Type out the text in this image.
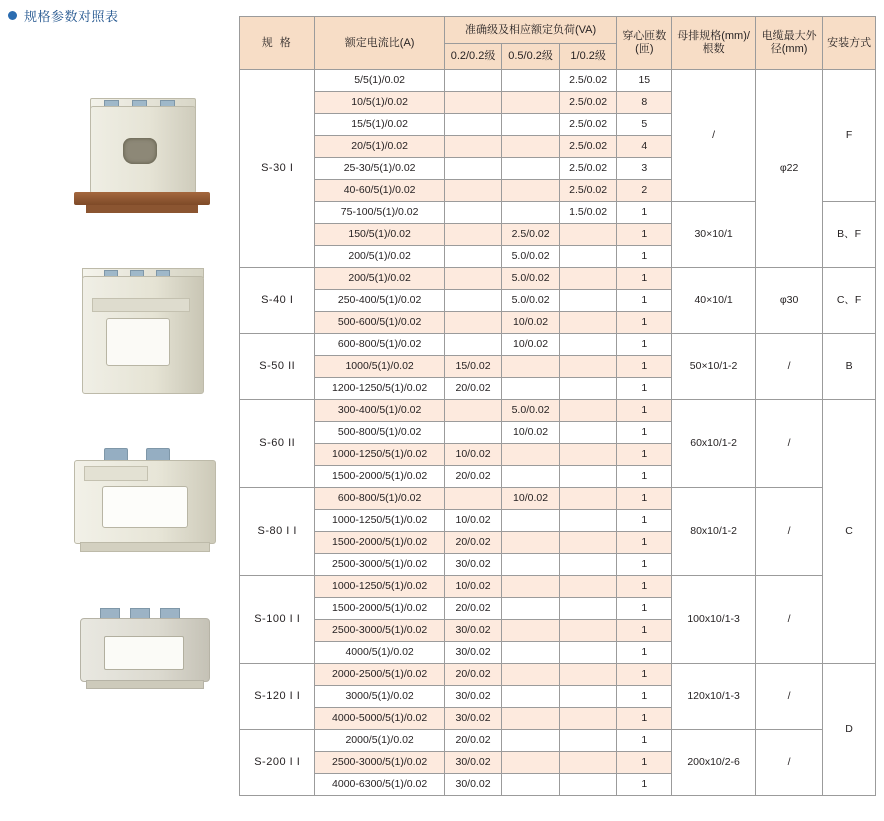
规格参数对照表
规 格	额定电流比(A)	准确级及相应额定负荷(VA)			穿心匝数(匝)	母排规格(mm)/根数	电缆最大外径(mm)	安装方式
		0.2/0.2级	0.5/0.2级	1/0.2级				
S-30 I	5/5(1)/0.02			2.5/0.02	15	/	φ22	F
	10/5(1)/0.02			2.5/0.02	8			
	15/5(1)/0.02			2.5/0.02	5			
	20/5(1)/0.02			2.5/0.02	4			
	25-30/5(1)/0.02			2.5/0.02	3			
	40-60/5(1)/0.02			2.5/0.02	2			
	75-100/5(1)/0.02			1.5/0.02	1	30×10/1		B、F
	150/5(1)/0.02		2.5/0.02		1			
	200/5(1)/0.02		5.0/0.02		1			
S-40 I	200/5(1)/0.02		5.0/0.02		1	40×10/1	φ30	C、F
	250-400/5(1)/0.02		5.0/0.02		1			
	500-600/5(1)/0.02		10/0.02		1			
S-50 II	600-800/5(1)/0.02		10/0.02		1	50×10/1-2	/	B
	1000/5(1)/0.02	15/0.02			1			
	1200-1250/5(1)/0.02	20/0.02			1			
S-60 II	300-400/5(1)/0.02		5.0/0.02		1	60x10/1-2	/	C
	500-800/5(1)/0.02		10/0.02		1			
	1000-1250/5(1)/0.02	10/0.02			1			
	1500-2000/5(1)/0.02	20/0.02			1			
S-80 I I	600-800/5(1)/0.02		10/0.02		1	80x10/1-2	/	
	1000-1250/5(1)/0.02	10/0.02			1			
	1500-2000/5(1)/0.02	20/0.02			1			
	2500-3000/5(1)/0.02	30/0.02			1			
S-100 I I	1000-1250/5(1)/0.02	10/0.02			1	100x10/1-3	/	
	1500-2000/5(1)/0.02	20/0.02			1			
	2500-3000/5(1)/0.02	30/0.02			1			
	4000/5(1)/0.02	30/0.02			1			
S-120 I I	2000-2500/5(1)/0.02	20/0.02			1	120x10/1-3	/	D
	3000/5(1)/0.02	30/0.02			1			
	4000-5000/5(1)/0.02	30/0.02			1			
S-200 I I	2000/5(1)/0.02	20/0.02			1	200x10/2-6	/	
	2500-3000/5(1)/0.02	30/0.02			1			
	4000-6300/5(1)/0.02	30/0.02			1			
